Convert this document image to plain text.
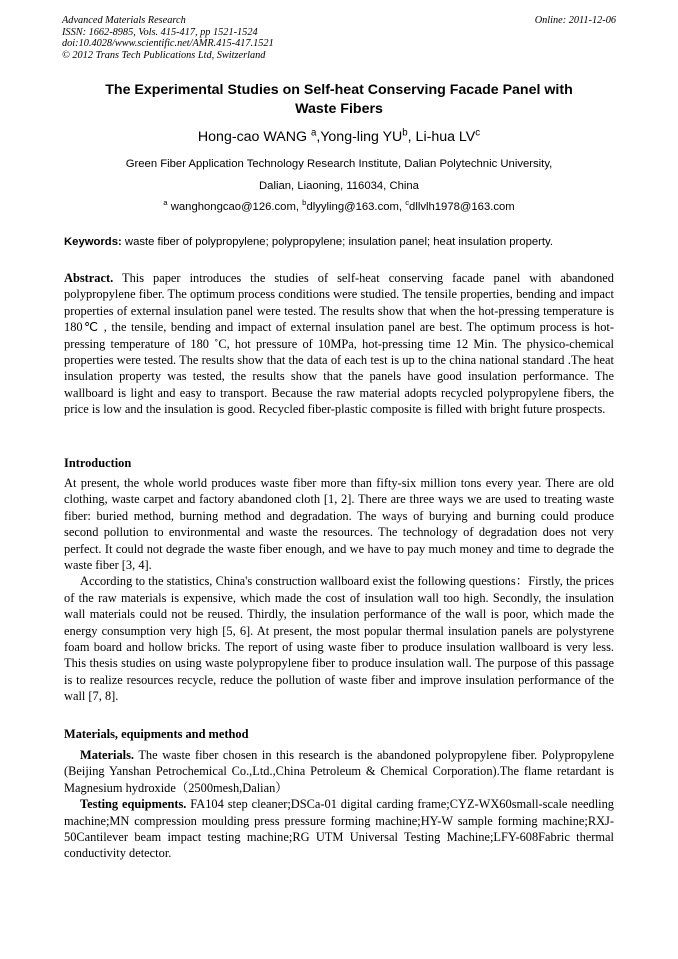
Advanced Materials Research
ISSN: 1662-8985, Vols. 415-417, pp 1521-1524
doi:10.4028/www.scientific.net/AMR.415-417.1521
© 2012 Trans Tech Publications Ltd, Switzerland
Online: 2011-12-06
The Experimental Studies on Self-heat Conserving Facade Panel with
Waste Fibers
Hong-cao WANG $^a$,Yong-ling $YU^b$, Li-hua $LV^c$
Green Fiber Application Technology Research Institute, Dalian Polytechnic University,
Dalian, Liaoning, 116034, China
$^a$ wanghongcao@126.com, $^b$dlyyling@163.com, $^c$dllvlh1978@163.com
Keywords: waste fiber of polypropylene; polypropylene; insulation panel; heat insulation property.

Abstract. This paper introduces the studies of self-heat conserving facade panel with abandoned polypropylene fiber. The optimum process conditions were studied. The tensile properties, bending and impact properties of external insulation panel were tested. The results show that when the hot-pressing temperature is 180℃ , the tensile, bending and impact of external insulation panel are best. The optimum process is hot-pressing temperature of 180 ˚C, hot pressure of 10MPa, hot-pressing time 12 Min. The physico-chemical properties were tested. The results show that the data of each test is up to the china national standard .The heat insulation property was tested, the results show that the panels have good insulation performance. The wallboard is light and easy to transport. Because the raw material adopts recycled polypropylene fibers, the price is low and the insulation is good. Recycled fiber-plastic composite is filled with bright future prospects.

Introduction

At present, the whole world produces waste fiber more than fifty-six million tons every year. There are old clothing, waste carpet and factory abandoned cloth [1, 2]. There are three ways we are used to treating waste fiber: buried method, burning method and degradation. The ways of burying and burning could produce second pollution to environmental and waste the resources. The technology of degradation does not very perfect. It could not degrade the waste fiber enough, and we have to pay much money and time to degrade the waste fiber [3, 4].

According to the statistics, China's construction wallboard exist the following questions：Firstly, the prices of the raw materials is expensive, which made the cost of insulation wall too high. Secondly, the insulation wall materials could not be reused. Thirdly, the insulation performance of the wall is poor, which made the energy consumption very high [5, 6]. At present, the most popular thermal insulation panels are polystyrene foam board and hollow bricks. The report of using waste fiber to produce insulation wallboard is very less. This thesis studies on using waste polypropylene fiber to produce insulation wall. The purpose of this passage is to realize resources recycle, reduce the pollution of waste fiber and improve insulation performance of the wall [7, 8].

Materials, equipments and method

Materials. The waste fiber chosen in this research is the abandoned polypropylene fiber. Polypropylene (Beijing Yanshan Petrochemical Co.,Ltd.,China Petroleum & Chemical Corporation).The flame retardant is Magnesium hydroxide（2500mesh,Dalian）

Testing equipments. FA104 step cleaner;DSCa-01 digital carding frame;CYZ-WX60small-scale needling machine;MN compression moulding press pressure forming machine;HY-W sample forming machine;RXJ-50Cantilever beam impact testing machine;RG UTM Universal Testing Machine;LFY-608Fabric thermal conductivity detector.
